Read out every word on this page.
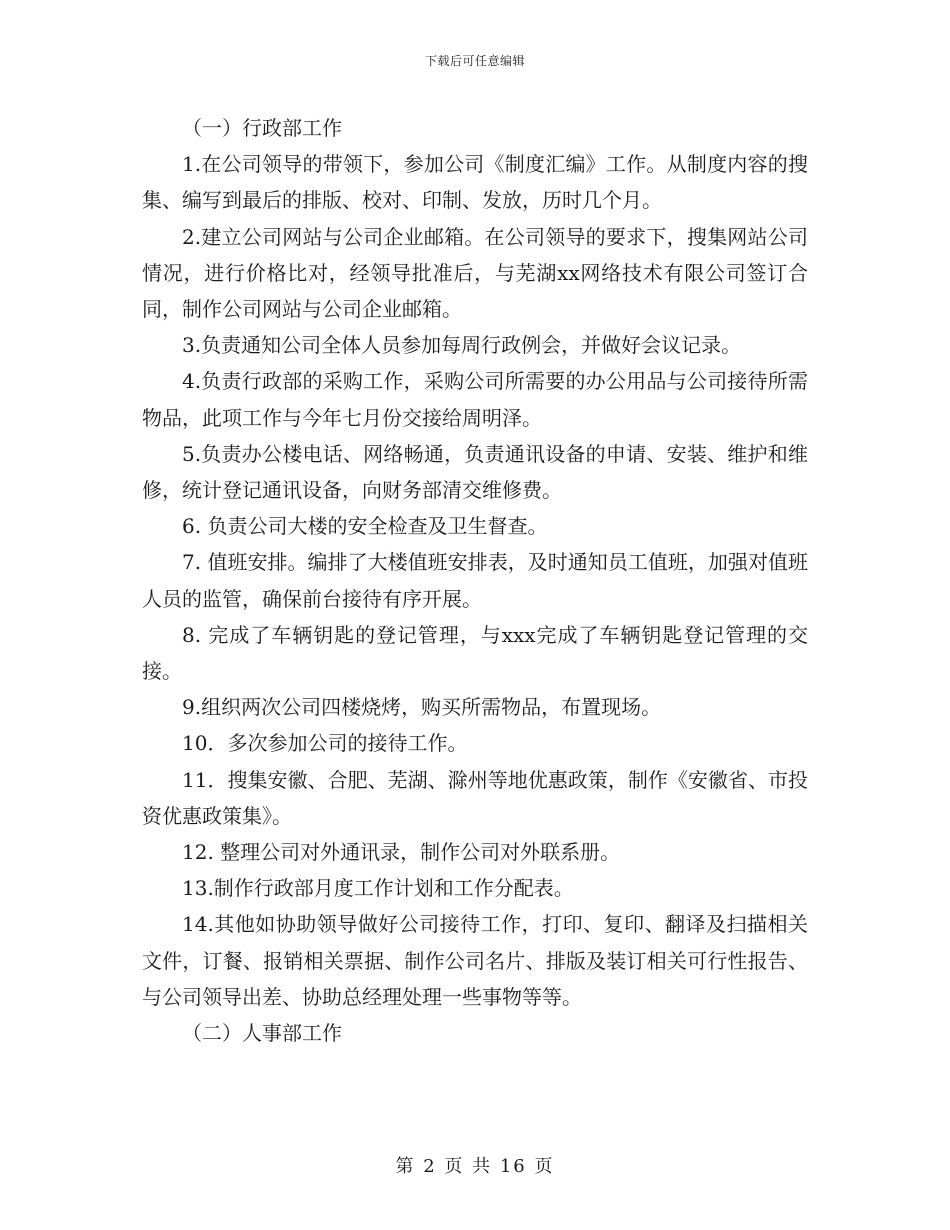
下载后可任意编辑

（一）行政部工作

1.在公司领导的带领下，参加公司《制度汇编》工作。从制度内容的搜集、编写到最后的排版、校对、印制、发放，历时几个月。

2.建立公司网站与公司企业邮箱。在公司领导的要求下，搜集网站公司情况，进行价格比对，经领导批准后，与芜湖xx网络技术有限公司签订合同，制作公司网站与公司企业邮箱。

3.负责通知公司全体人员参加每周行政例会，并做好会议记录。

4.负责行政部的采购工作，采购公司所需要的办公用品与公司接待所需物品，此项工作与今年七月份交接给周明泽。

5.负责办公楼电话、网络畅通，负责通讯设备的申请、安装、维护和维修，统计登记通讯设备，向财务部清交维修费。

6. 负责公司大楼的安全检查及卫生督查。

7. 值班安排。编排了大楼值班安排表，及时通知员工值班，加强对值班人员的监管，确保前台接待有序开展。

8. 完成了车辆钥匙的登记管理，与xxx完成了车辆钥匙登记管理的交接。

9.组织两次公司四楼烧烤，购买所需物品，布置现场。

10．多次参加公司的接待工作。

11．搜集安徽、合肥、芜湖、滁州等地优惠政策，制作《安徽省、市投资优惠政策集》。

12. 整理公司对外通讯录，制作公司对外联系册。

13.制作行政部月度工作计划和工作分配表。

14.其他如协助领导做好公司接待工作，打印、复印、翻译及扫描相关文件，订餐、报销相关票据、制作公司名片、排版及装订相关可行性报告、与公司领导出差、协助总经理处理一些事物等等。

（二）人事部工作

第 2 页 共 16 页
